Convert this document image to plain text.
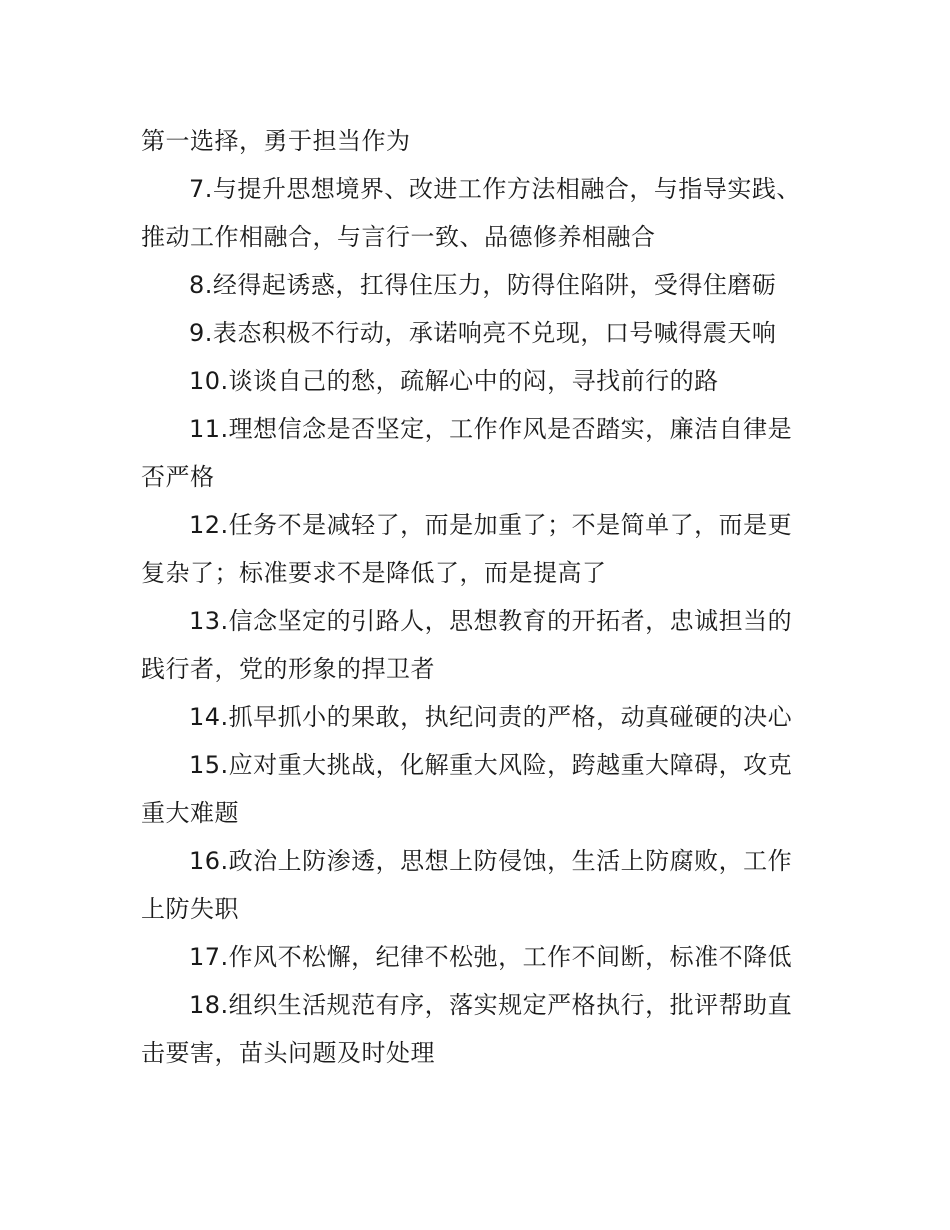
第一选择，勇于担当作为

7.与提升思想境界、改进工作方法相融合，与指导实践、推动工作相融合，与言行一致、品德修养相融合

8.经得起诱惑，扛得住压力，防得住陷阱，受得住磨砺

9.表态积极不行动，承诺响亮不兑现，口号喊得震天响

10.谈谈自己的愁，疏解心中的闷，寻找前行的路

11.理想信念是否坚定，工作作风是否踏实，廉洁自律是否严格

12.任务不是减轻了，而是加重了；不是简单了，而是更复杂了；标准要求不是降低了，而是提高了

13.信念坚定的引路人，思想教育的开拓者，忠诚担当的践行者，党的形象的捍卫者

14.抓早抓小的果敢，执纪问责的严格，动真碰硬的决心

15.应对重大挑战，化解重大风险，跨越重大障碍，攻克重大难题

16.政治上防渗透，思想上防侵蚀，生活上防腐败，工作上防失职

17.作风不松懈，纪律不松弛，工作不间断，标准不降低

18.组织生活规范有序，落实规定严格执行，批评帮助直击要害，苗头问题及时处理
